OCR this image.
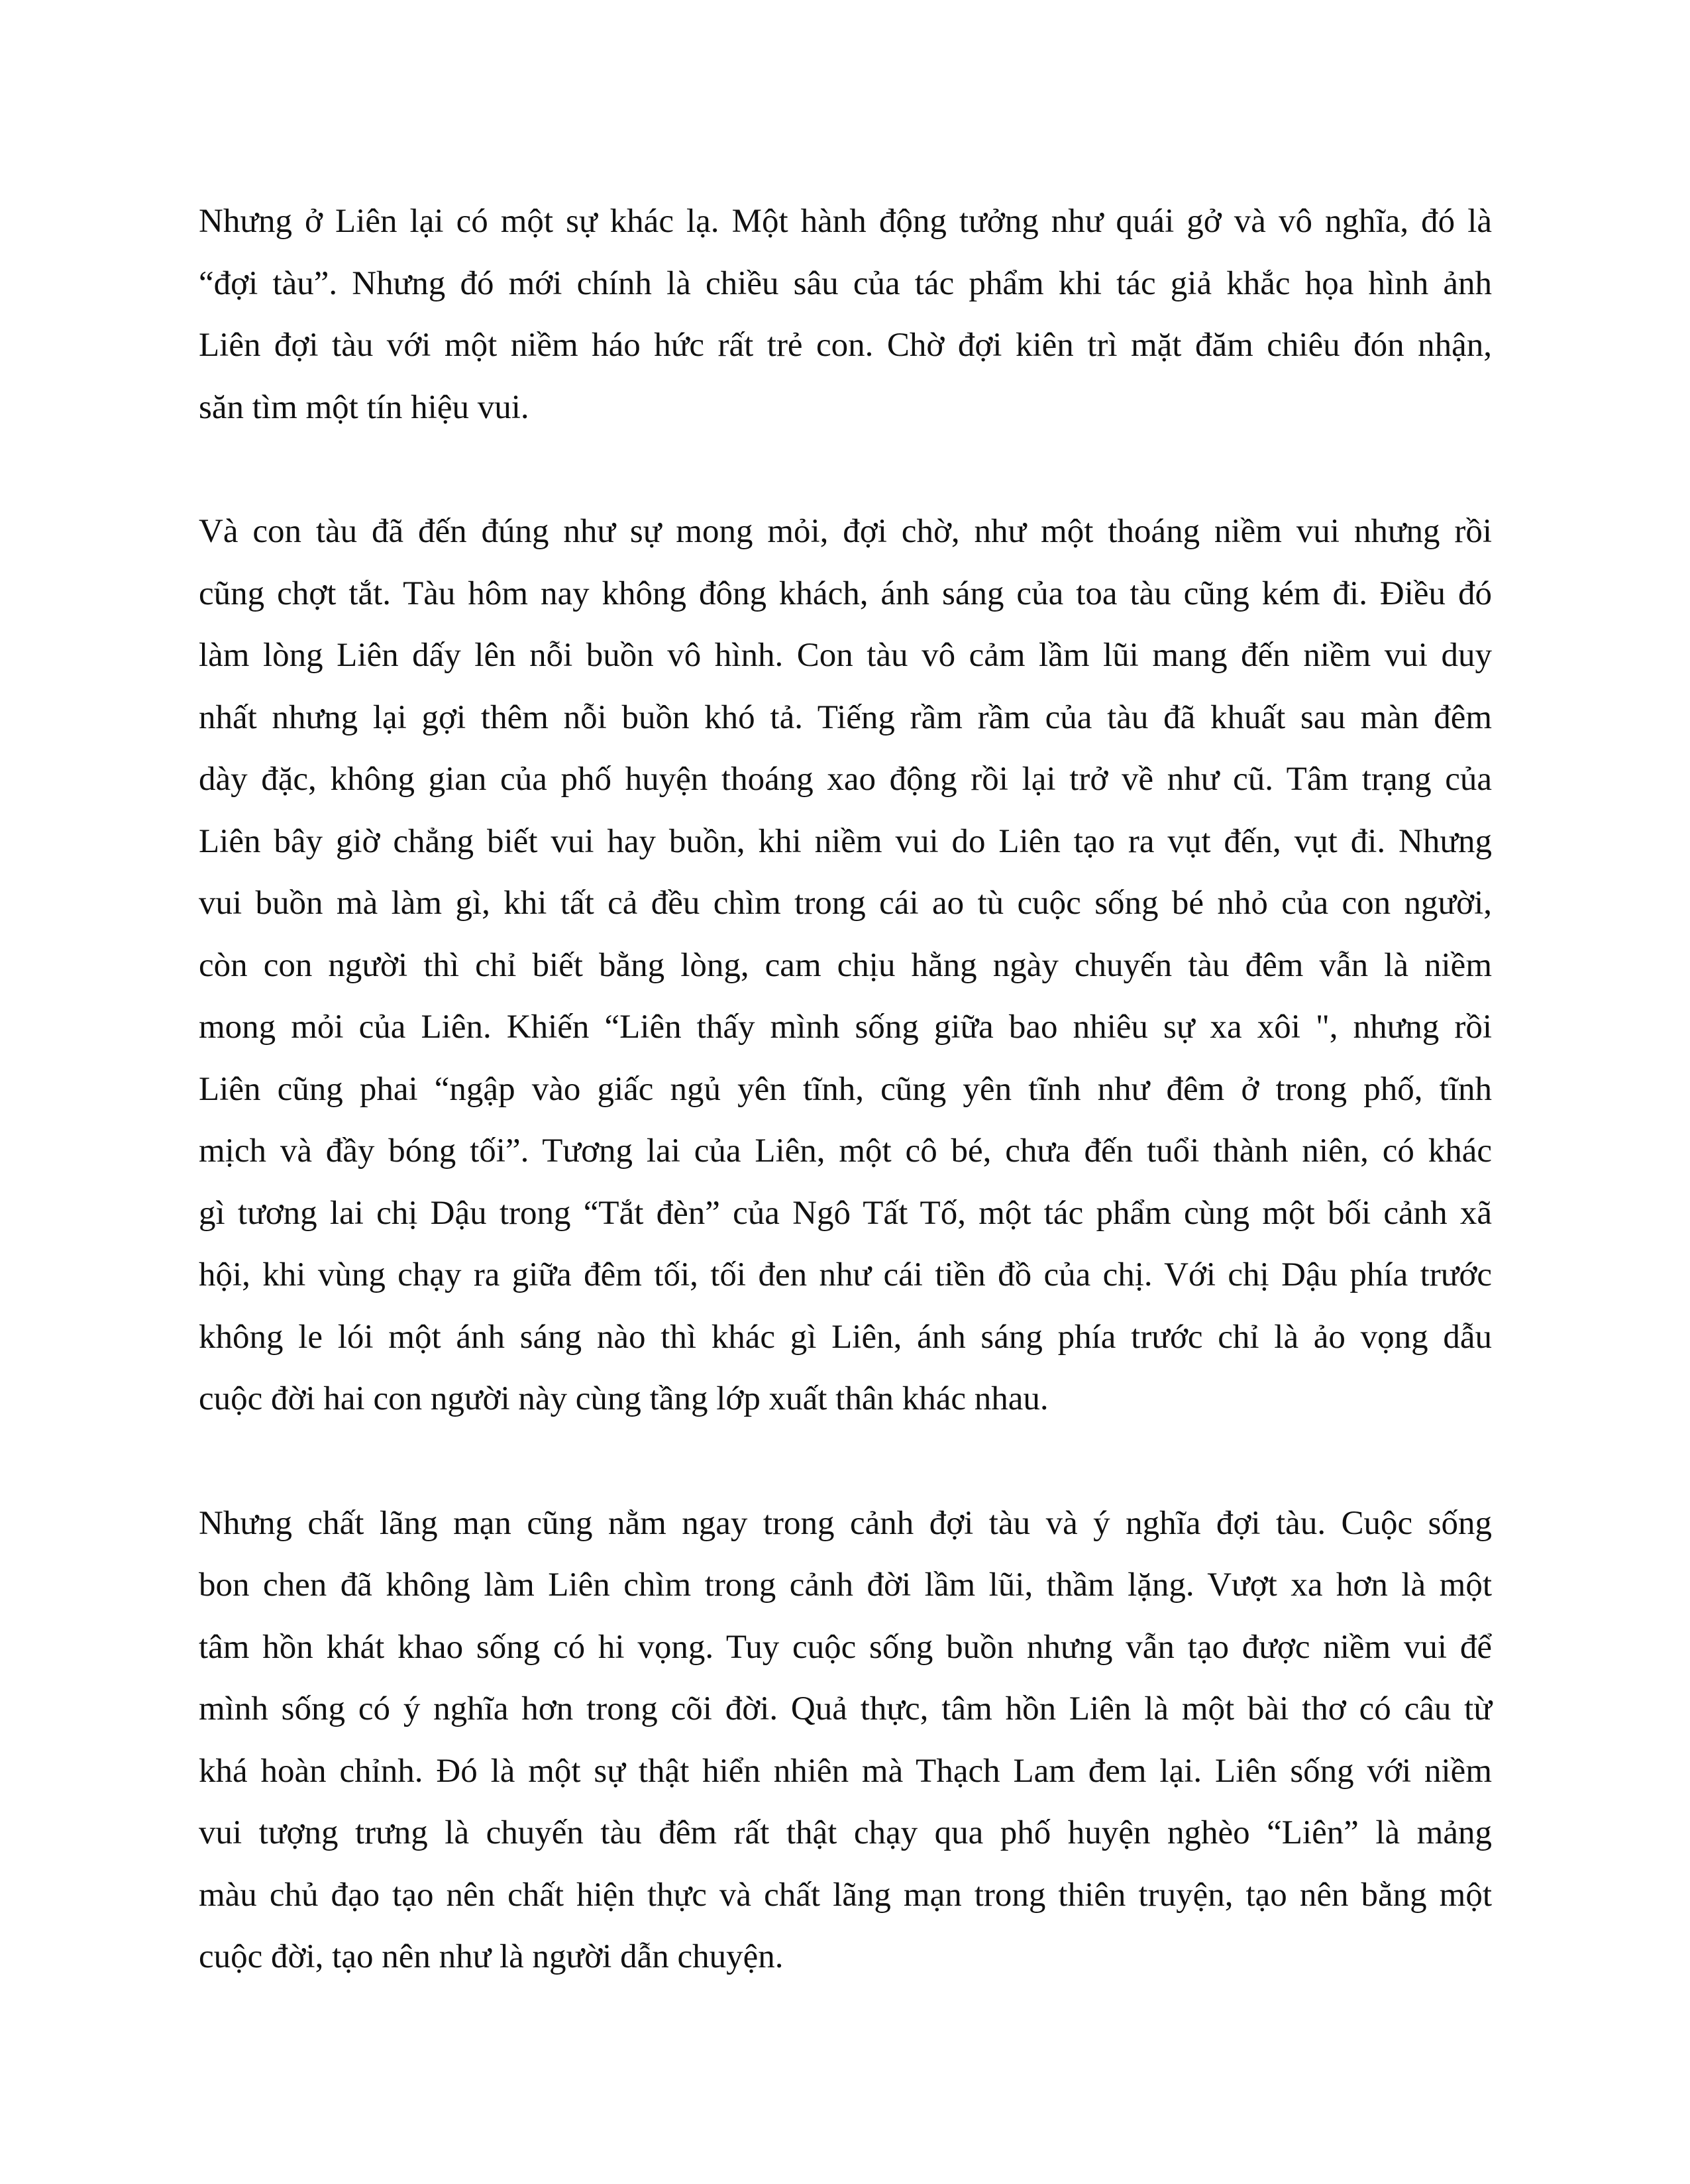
Nhưng ở Liên lại có một sự khác lạ. Một hành động tưởng như quái gở và vô nghĩa, đó là
“đợi tàu”. Nhưng đó mới chính là chiều sâu của tác phẩm khi tác giả khắc họa hình ảnh
Liên đợi tàu với một niềm háo hức rất trẻ con. Chờ đợi kiên trì mặt đăm chiêu đón nhận,
săn tìm một tín hiệu vui.

Và con tàu đã đến đúng như sự mong mỏi, đợi chờ, như một thoáng niềm vui nhưng rồi
cũng chợt tắt. Tàu hôm nay không đông khách, ánh sáng của toa tàu cũng kém đi. Điều đó
làm lòng Liên dấy lên nỗi buồn vô hình. Con tàu vô cảm lầm lũi mang đến niềm vui duy
nhất nhưng lại gợi thêm nỗi buồn khó tả. Tiếng rầm rầm của tàu đã khuất sau màn đêm
dày đặc, không gian của phố huyện thoáng xao động rồi lại trở về như cũ. Tâm trạng của
Liên bây giờ chẳng biết vui hay buồn, khi niềm vui do Liên tạo ra vụt đến, vụt đi. Nhưng
vui buồn mà làm gì, khi tất cả đều chìm trong cái ao tù cuộc sống bé nhỏ của con người,
còn con người thì chỉ biết bằng lòng, cam chịu hằng ngày chuyến tàu đêm vẫn là niềm
mong mỏi của Liên. Khiến “Liên thấy mình sống giữa bao nhiêu sự xa xôi ", nhưng rồi
Liên cũng phai “ngập vào giấc ngủ yên tĩnh, cũng yên tĩnh như đêm ở trong phố, tĩnh
mịch và đầy bóng tối”. Tương lai của Liên, một cô bé, chưa đến tuổi thành niên, có khác
gì tương lai chị Dậu trong “Tắt đèn” của Ngô Tất Tố, một tác phẩm cùng một bối cảnh xã
hội, khi vùng chạy ra giữa đêm tối, tối đen như cái tiền đồ của chị. Với chị Dậu phía trước
không le lói một ánh sáng nào thì khác gì Liên, ánh sáng phía trước chỉ là ảo vọng dẫu
cuộc đời hai con người này cùng tầng lớp xuất thân khác nhau.

Nhưng chất lãng mạn cũng nằm ngay trong cảnh đợi tàu và ý nghĩa đợi tàu. Cuộc sống
bon chen đã không làm Liên chìm trong cảnh đời lầm lũi, thầm lặng. Vượt xa hơn là một
tâm hồn khát khao sống có hi vọng. Tuy cuộc sống buồn nhưng vẫn tạo được niềm vui để
mình sống có ý nghĩa hơn trong cõi đời. Quả thực, tâm hồn Liên là một bài thơ có câu từ
khá hoàn chỉnh. Đó là một sự thật hiển nhiên mà Thạch Lam đem lại. Liên sống với niềm
vui tượng trưng là chuyến tàu đêm rất thật chạy qua phố huyện nghèo “Liên” là mảng
màu chủ đạo tạo nên chất hiện thực và chất lãng mạn trong thiên truyện, tạo nên bằng một
cuộc đời, tạo nên như là người dẫn chuyện.
